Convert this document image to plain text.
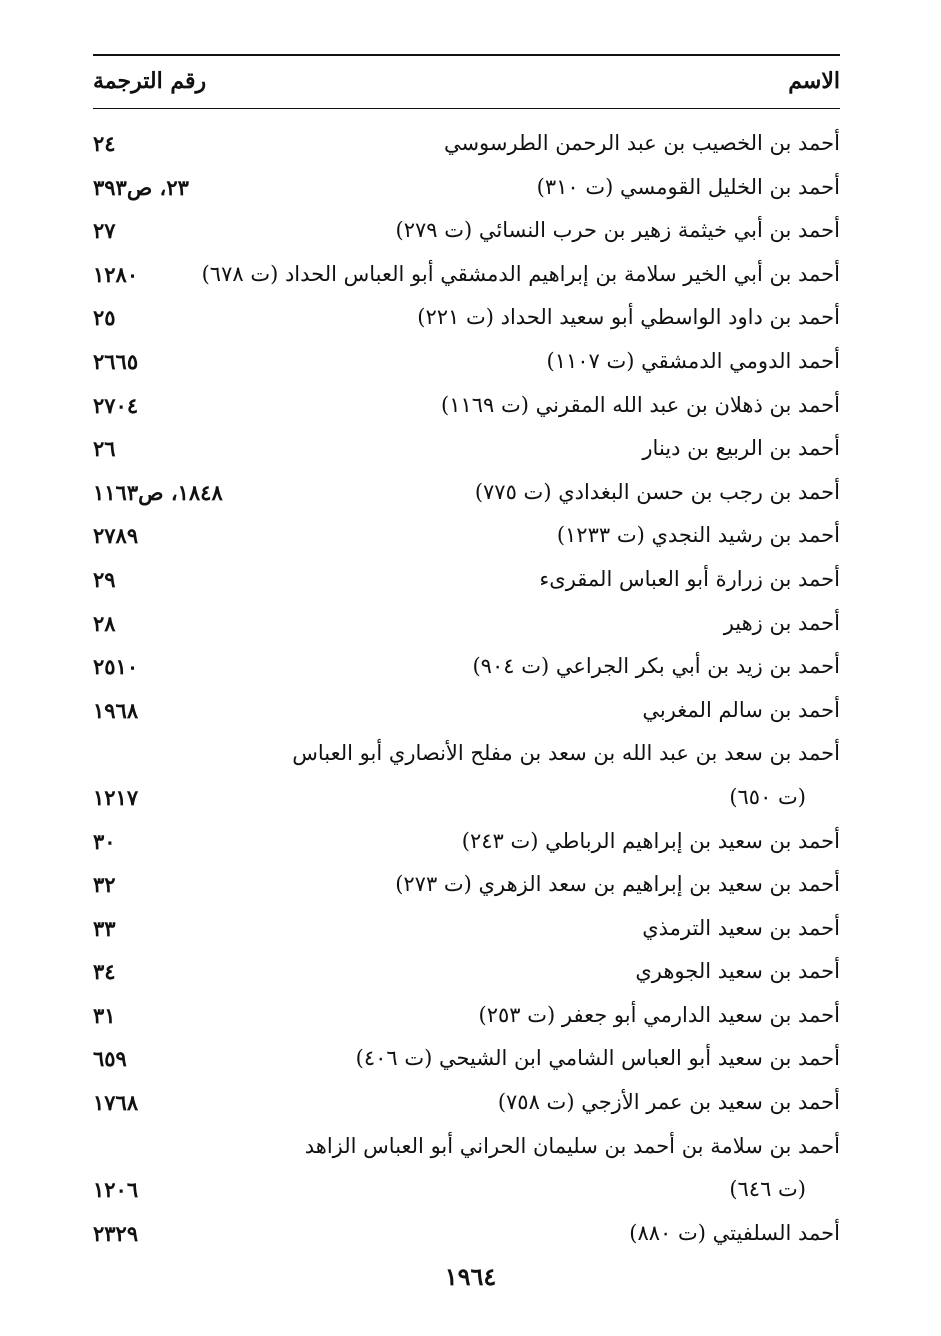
الاسم
رقم الترجمة
أحمد بن الخصيب بن عبد الرحمن الطرسوسي
٢٤
أحمد بن الخليل القومسي (ت ٣١٠)
٢٣، ص٣٩٣
أحمد بن أبي خيثمة زهير بن حرب النسائي (ت ٢٧٩)
٢٧
أحمد بن أبي الخير سلامة بن إبراهيم الدمشقي أبو العباس الحداد (ت ٦٧٨)
١٢٨٠
أحمد بن داود الواسطي أبو سعيد الحداد (ت ٢٢١)
٢٥
أحمد الدومي الدمشقي (ت ١١٠٧)
٢٦٦٥
أحمد بن ذهلان بن عبد الله المقرني (ت ١١٦٩)
٢٧٠٤
أحمد بن الربيع بن دينار
٢٦
أحمد بن رجب بن حسن البغدادي (ت ٧٧٥)
١٨٤٨، ص١١٦٣
أحمد بن رشيد النجدي (ت ١٢٣٣)
٢٧٨٩
أحمد بن زرارة أبو العباس المقرىء
٢٩
أحمد بن زهير
٢٨
أحمد بن زيد بن أبي بكر الجراعي (ت ٩٠٤)
٢٥١٠
أحمد بن سالم المغربي
١٩٦٨
أحمد بن سعد بن عبد الله بن سعد بن مفلح الأنصاري أبو العباس
(ت ٦٥٠)
١٢١٧
أحمد بن سعيد بن إبراهيم الرباطي (ت ٢٤٣)
٣٠
أحمد بن سعيد بن إبراهيم بن سعد الزهري (ت ٢٧٣)
٣٢
أحمد بن سعيد الترمذي
٣٣
أحمد بن سعيد الجوهري
٣٤
أحمد بن سعيد الدارمي أبو جعفر (ت ٢٥٣)
٣١
أحمد بن سعيد أبو العباس الشامي ابن الشيحي (ت ٤٠٦)
٦٥٩
أحمد بن سعيد بن عمر الأزجي (ت ٧٥٨)
١٧٦٨
أحمد بن سلامة بن أحمد بن سليمان الحراني أبو العباس الزاهد
(ت ٦٤٦)
١٢٠٦
أحمد السلفيتي (ت ٨٨٠)
٢٣٢٩
١٩٦٤
